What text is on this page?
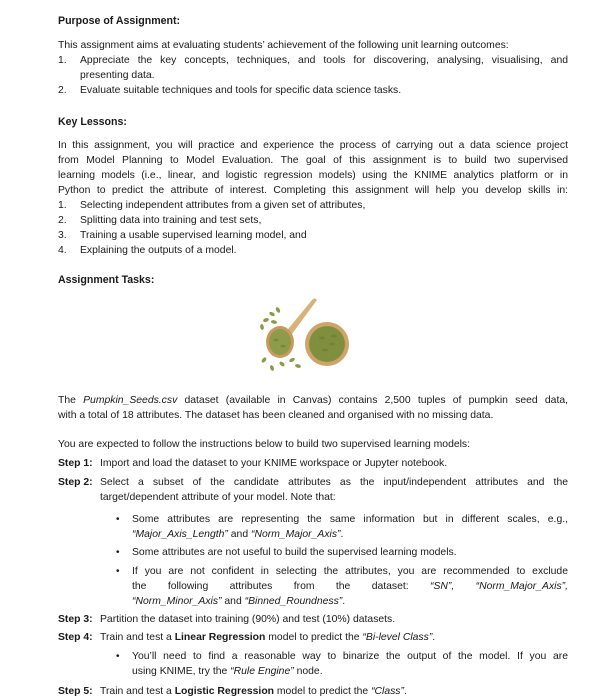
Purpose of Assignment:
This assignment aims at evaluating students’ achievement of the following unit learning outcomes:
1. Appreciate the key concepts, techniques, and tools for discovering, analysing, visualising, and
presenting data.
2. Evaluate suitable techniques and tools for specific data science tasks.
Key Lessons:
In this assignment, you will practice and experience the process of carrying out a data science project
from Model Planning to Model Evaluation. The goal of this assignment is to build two supervised
learning models (i.e., linear, and logistic regression models) using the KNIME analytics platform or in
Python to predict the attribute of interest. Completing this assignment will help you develop skills in:
1. Selecting independent attributes from a given set of attributes,
2. Splitting data into training and test sets,
3. Training a usable supervised learning model, and
4. Explaining the outputs of a model.
Assignment Tasks:
The Pumpkin_Seeds.csv dataset (available in Canvas) contains 2,500 tuples of pumpkin seed data,
with a total of 18 attributes. The dataset has been cleaned and organised with no missing data.
You are expected to follow the instructions below to build two supervised learning models:
Step 1: Import and load the dataset to your KNIME workspace or Jupyter notebook.
Step 2: Select a subset of the candidate attributes as the input/independent attributes and the
target/dependent attribute of your model. Note that:
• Some attributes are representing the same information but in different scales, e.g.,
“Major_Axis_Length” and “Norm_Major_Axis”.
• Some attributes are not useful to build the supervised learning models.
• If you are not confident in selecting the attributes, you are recommended to exclude
the following attributes from the dataset: “SN”, “Norm_Major_Axis”,
“Norm_Minor_Axis” and “Binned_Roundness”.
Step 3: Partition the dataset into training (90%) and test (10%) datasets.
Step 4: Train and test a Linear Regression model to predict the “Bi-level Class”.
• You’ll need to find a reasonable way to binarize the output of the model. If you are
using KNIME, try the “Rule Engine” node.
Step 5: Train and test a Logistic Regression model to predict the “Class”.
